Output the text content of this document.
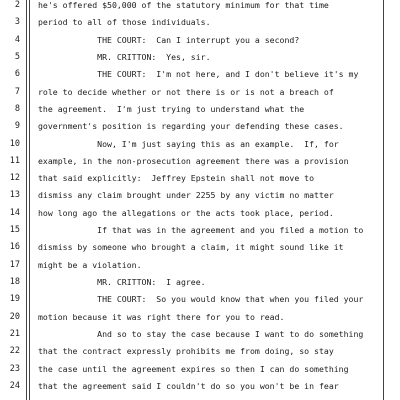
2 he's offered $50,000 of the statutory minimum for that time
3 period to all of those individuals.
4 THE COURT:  Can I interrupt you a second?
5 MR. CRITTON:  Yes, sir.
6 THE COURT:  I'm not here, and I don't believe it's my
7 role to decide whether or not there is or is not a breach of
8 the agreement.  I'm just trying to understand what the
9 government's position is regarding your defending these cases.
10 Now, I'm just saying this as an example.  If, for
11 example, in the non-prosecution agreement there was a provision
12 that said explicitly:  Jeffrey Epstein shall not move to
13 dismiss any claim brought under 2255 by any victim no matter
14 how long ago the allegations or the acts took place, period.
15 If that was in the agreement and you filed a motion to
16 dismiss by someone who brought a claim, it might sound like it
17 might be a violation.
18 MR. CRITTON:  I agree.
19 THE COURT:  So you would know that when you filed your
20 motion because it was right there for you to read.
21 And so to stay the case because I want to do something
22 that the contract expressly prohibits me from doing, so stay
23 the case until the agreement expires so then I can do something
24 that the agreement said I couldn't do so you won't be in fear
